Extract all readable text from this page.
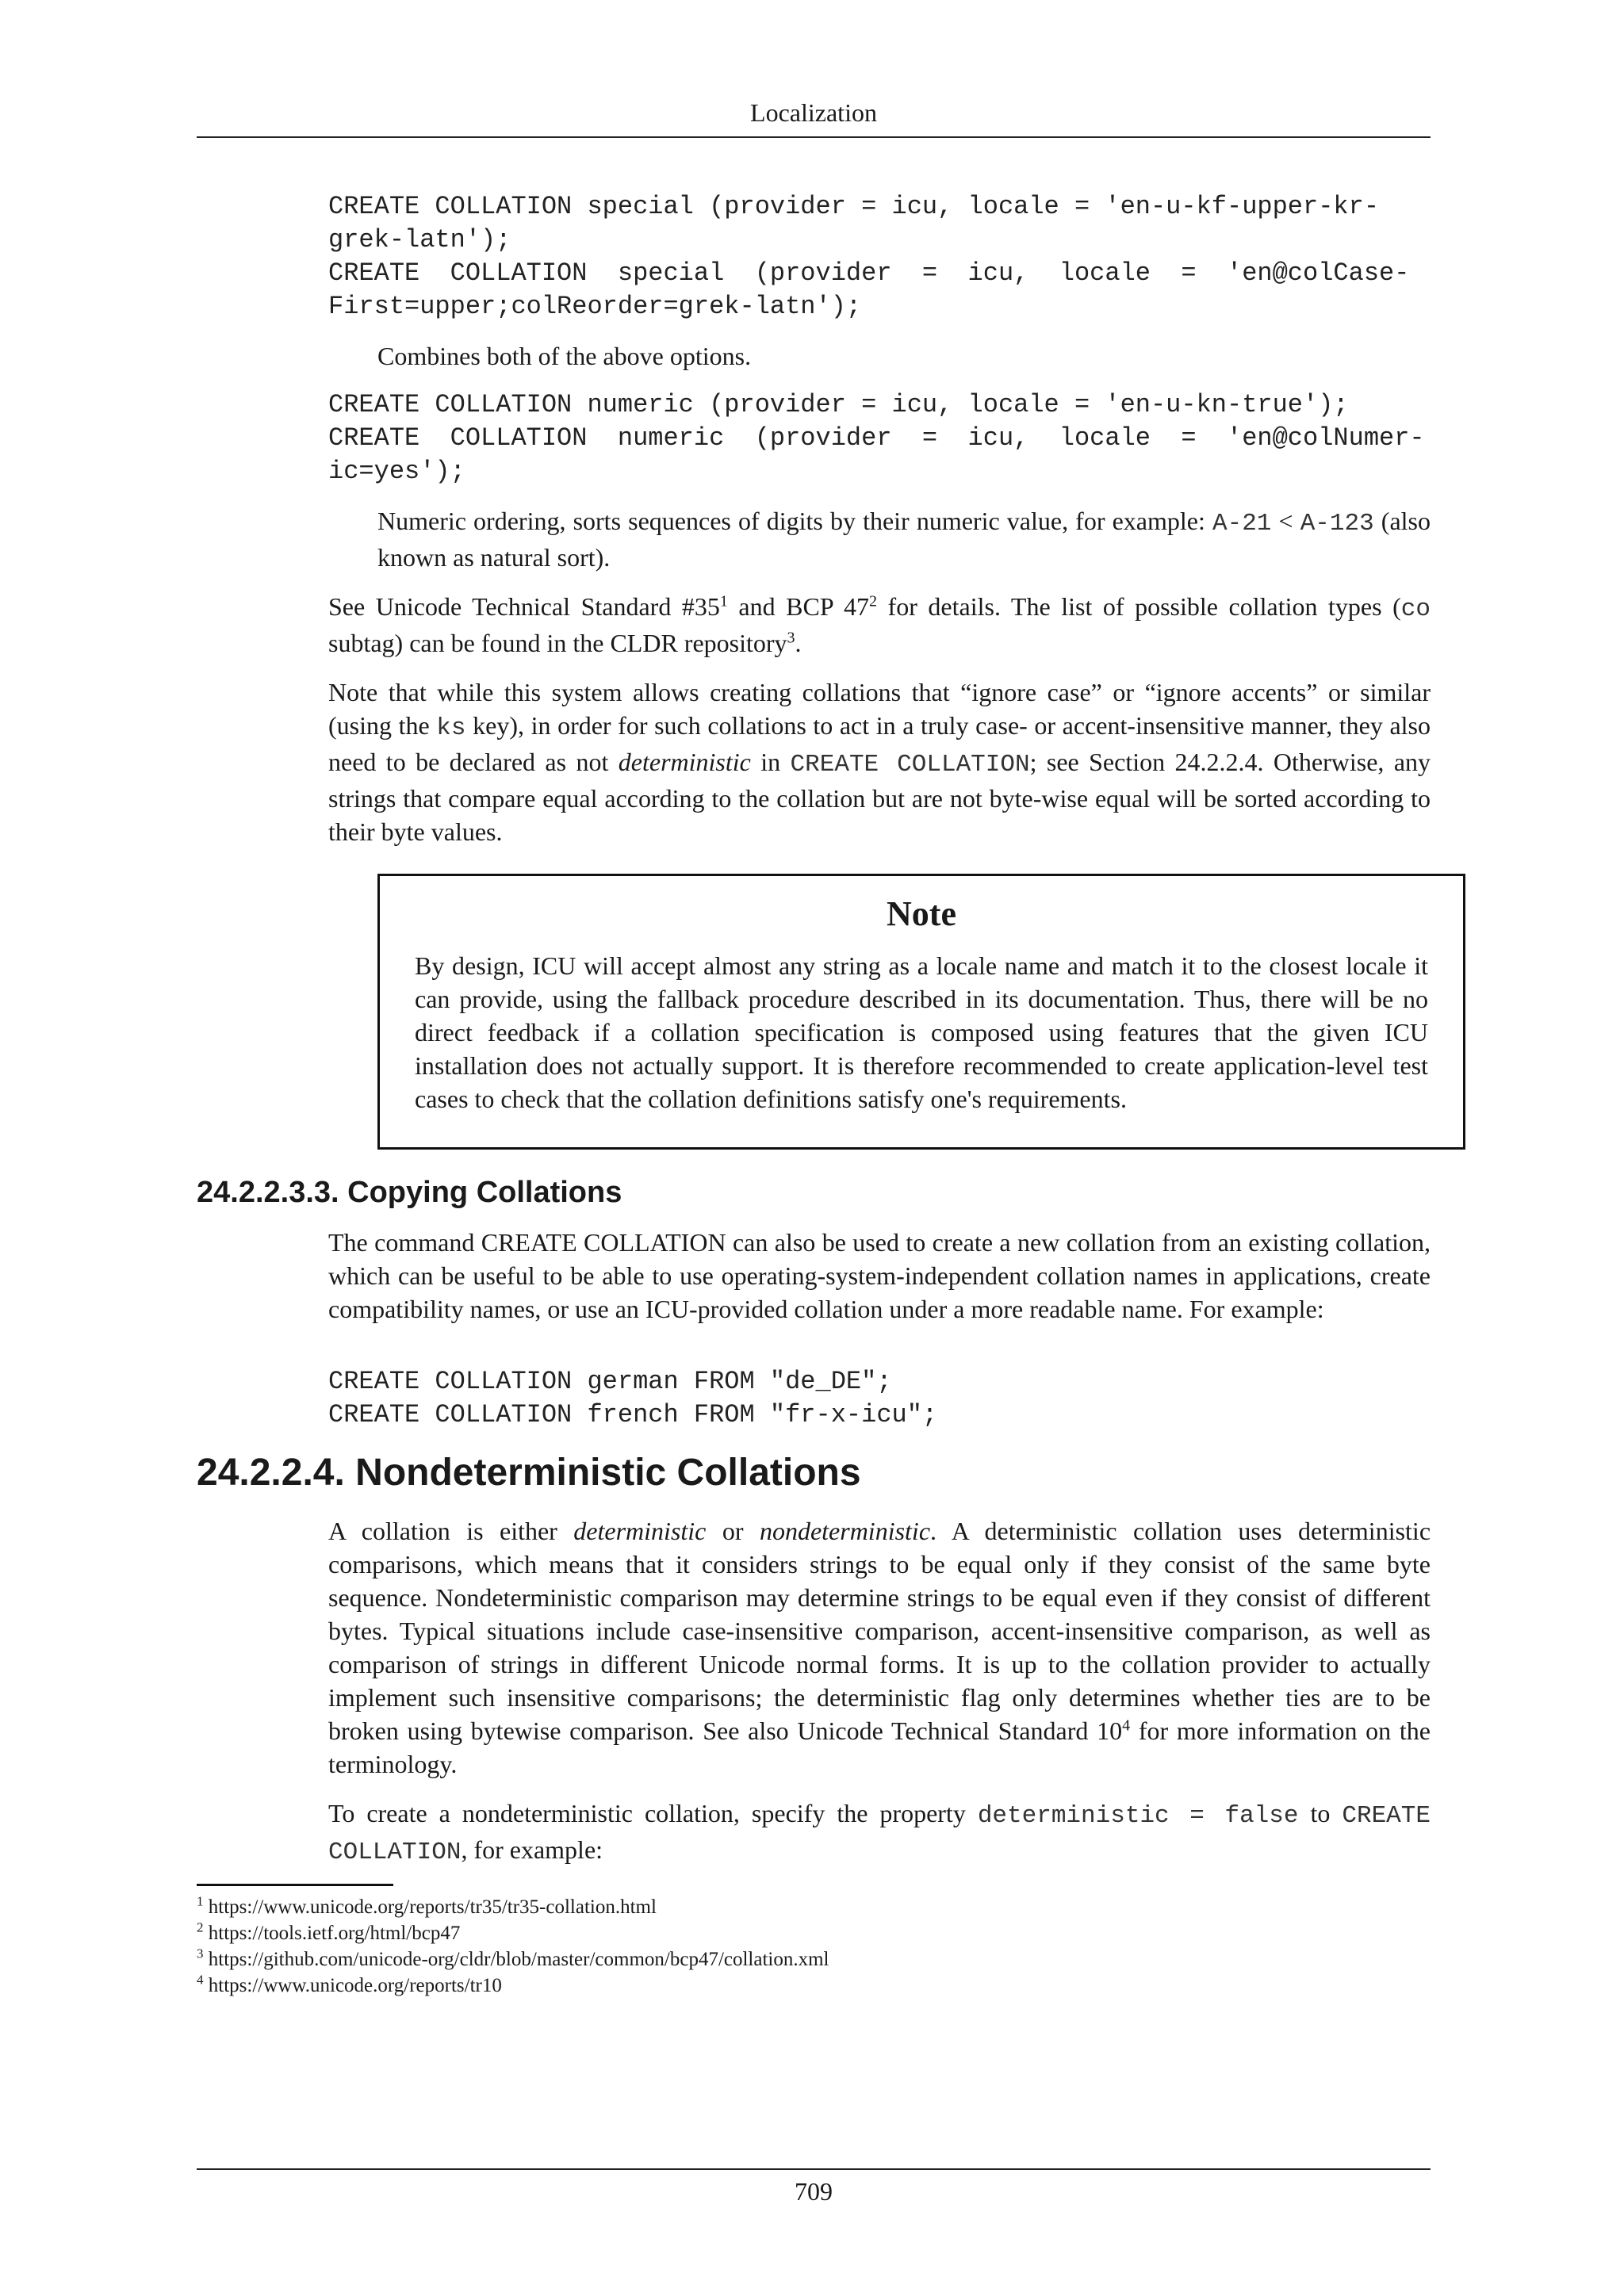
Localization
CREATE COLLATION special (provider = icu, locale = 'en-u-kf-upper-kr-
grek-latn');
CREATE  COLLATION  special  (provider  =  icu,  locale  =  'en@colCase-
First=upper;colReorder=grek-latn');

Combines both of the above options.

CREATE COLLATION numeric (provider = icu, locale = 'en-u-kn-true');
CREATE  COLLATION  numeric  (provider  =  icu,  locale  =  'en@colNumer-
ic=yes');

Numeric ordering, sorts sequences of digits by their numeric value, for example: A-21 < A-123 (also known as natural sort).

See Unicode Technical Standard $\#35^1$ and BCP $47^2$ for details. The list of possible collation types (co subtag) can be found in the CLDR repository$^3$.

Note that while this system allows creating collations that “ignore case” or “ignore accents” or similar (using the ks key), in order for such collations to act in a truly case- or accent-insensitive manner, they also need to be declared as not deterministic in CREATE COLLATION; see Section 24.2.2.4. Otherwise, any strings that compare equal according to the collation but are not byte-wise equal will be sorted according to their byte values.

Note

By design, ICU will accept almost any string as a locale name and match it to the closest locale it can provide, using the fallback procedure described in its documentation. Thus, there will be no direct feedback if a collation specification is composed using features that the given ICU installation does not actually support. It is therefore recommended to create application-level test cases to check that the collation definitions satisfy one's requirements.

24.2.2.3.3. Copying Collations

The command CREATE COLLATION can also be used to create a new collation from an existing collation, which can be useful to be able to use operating-system-independent collation names in applications, create compatibility names, or use an ICU-provided collation under a more readable name. For example:

CREATE COLLATION german FROM "de_DE";
CREATE COLLATION french FROM "fr-x-icu";
24.2.2.4. Nondeterministic Collations

A collation is either deterministic or nondeterministic. A deterministic collation uses deterministic comparisons, which means that it considers strings to be equal only if they consist of the same byte sequence. Nondeterministic comparison may determine strings to be equal even if they consist of different bytes. Typical situations include case-insensitive comparison, accent-insensitive comparison, as well as comparison of strings in different Unicode normal forms. It is up to the collation provider to actually implement such insensitive comparisons; the deterministic flag only determines whether ties are to be broken using bytewise comparison. See also Unicode Technical Standard $10^4$ for more information on the terminology.

To create a nondeterministic collation, specify the property deterministic = false to CREATE COLLATION, for example:

$^1$ https://www.unicode.org/reports/tr35/tr35-collation.html
$^2$ https://tools.ietf.org/html/bcp47
$^3$ https://github.com/unicode-org/cldr/blob/master/common/bcp47/collation.xml
$^4$ https://www.unicode.org/reports/tr10
709
